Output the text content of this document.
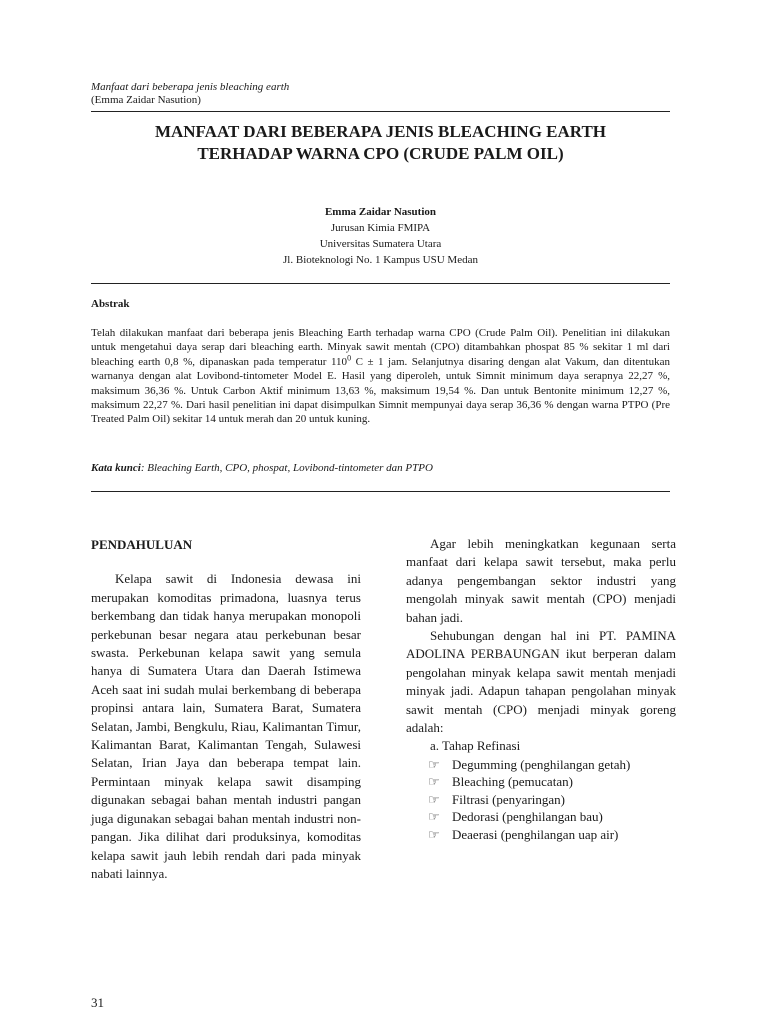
Manfaat dari beberapa jenis bleaching earth
(Emma Zaidar Nasution)
MANFAAT DARI BEBERAPA JENIS BLEACHING EARTH
TERHADAP WARNA CPO (CRUDE PALM OIL)
Emma Zaidar Nasution
Jurusan Kimia FMIPA
Universitas Sumatera Utara
Jl. Bioteknologi No. 1 Kampus USU Medan
Abstrak
Telah dilakukan manfaat dari beberapa jenis Bleaching Earth terhadap warna CPO (Crude Palm Oil). Penelitian ini dilakukan untuk mengetahui daya serap dari bleaching earth. Minyak sawit mentah (CPO) ditambahkan phospat 85 % sekitar 1 ml dari bleaching earth 0,8 %, dipanaskan pada temperatur $110^0$ C ± 1 jam. Selanjutnya disaring dengan alat Vakum, dan ditentukan warnanya dengan alat Lovibond-tintometer Model E. Hasil yang diperoleh, untuk Simnit minimum daya serapnya 22,27 %, maksimum 36,36 %. Untuk Carbon Aktif minimum 13,63 %, maksimum 19,54 %. Dan untuk Bentonite minimum 12,27 %, maksimum 22,27 %. Dari hasil penelitian ini dapat disimpulkan Simnit mempunyai daya serap 36,36 % dengan warna PTPO (Pre Treated Palm Oil) sekitar 14 untuk merah dan 20 untuk kuning.
Kata kunci: Bleaching Earth, CPO, phospat, Lovibond-tintometer dan PTPO
PENDAHULUAN

Kelapa sawit di Indonesia dewasa ini merupakan komoditas primadona, luasnya terus berkembang dan tidak hanya merupakan monopoli perkebunan besar negara atau perkebunan besar swasta. Perkebunan kelapa sawit yang semula hanya di Sumatera Utara dan Daerah Istimewa Aceh saat ini sudah mulai berkembang di beberapa propinsi antara lain, Sumatera Barat, Sumatera Selatan, Jambi, Bengkulu, Riau, Kalimantan Timur, Kalimantan Barat, Kalimantan Tengah, Sulawesi Selatan, Irian Jaya dan beberapa tempat lain. Permintaan minyak kelapa sawit disamping digunakan sebagai bahan mentah industri pangan juga digunakan sebagai bahan mentah industri non-pangan. Jika dilihat dari produksinya, komoditas kelapa sawit jauh lebih rendah dari pada minyak nabati lainnya.

Agar lebih meningkatkan kegunaan serta manfaat dari kelapa sawit tersebut, maka perlu adanya pengembangan sektor industri yang mengolah minyak sawit mentah (CPO) menjadi bahan jadi.

Sehubungan dengan hal ini PT. PAMINA ADOLINA PERBAUNGAN ikut berperan dalam pengolahan minyak kelapa sawit mentah menjadi minyak jadi. Adapun tahapan pengolahan minyak sawit mentah (CPO) menjadi minyak goreng adalah:

a. Tahap Refinasi

☞ Degumming (penghilangan getah)
☞ Bleaching (pemucatan)
☞ Filtrasi (penyaringan)
☞ Dedorasi (penghilangan bau)
☞ Deaerasi (penghilangan uap air)
31
